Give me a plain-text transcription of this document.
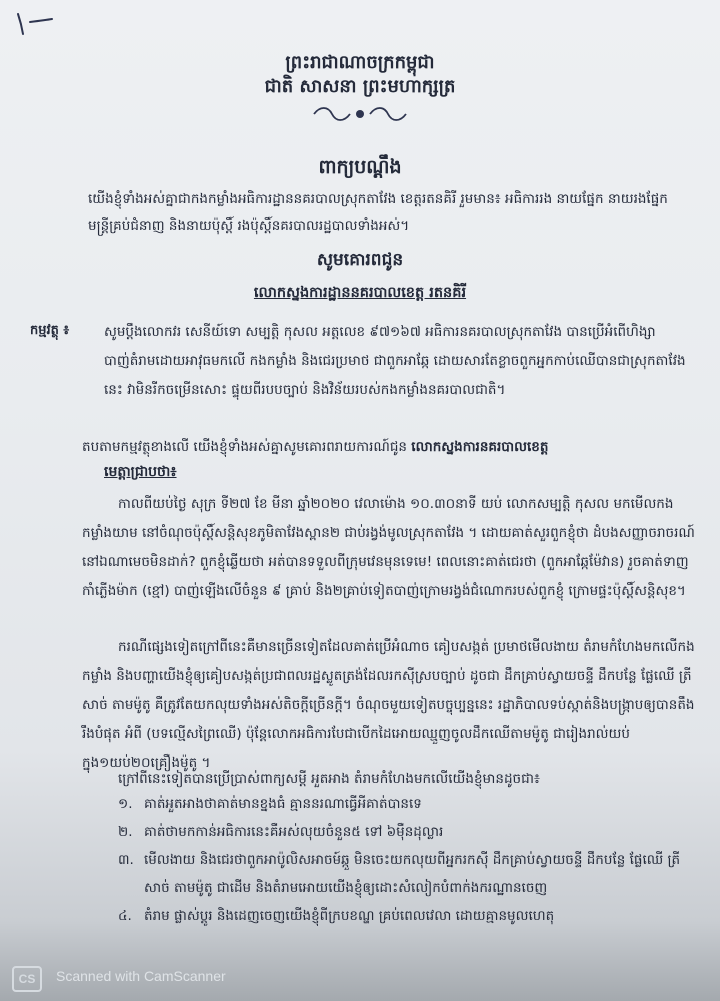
ព្រះរាជាណាចក្រកម្ពុជា
ជាតិ សាសនា ព្រះមហាក្សត្រ
ពាក្យបណ្តឹង

យើងខ្ញុំទាំងអស់គ្នាជាកងកម្លាំងអធិការដ្ឋាននគរបាលស្រុកតាវែង ខេត្តរតនគិរី រួមមាន៖ អធិការរង នាយផ្នែក នាយរងផ្នែក មន្ត្រីគ្រប់ជំនាញ និងនាយប៉ុស្តិ៍ រងប៉ុស្តិ៍នគរបាលរដ្ឋបាលទាំងអស់។

សូមគោរពជូន
លោកស្នងការដ្ឋាននគរបាលខេត្ត រតនគិរី
កម្មវត្ថុ ៖	សូមប្តឹងលោកវរ សេនីយ៍ទោ សម្បត្តិ កុសល អត្តលេខ ៩៧១៦៧ អធិការនគរបាលស្រុកតាវែង បានប្រើអំពើហិង្សាបាញ់តំរាមដោយអាវុធមកលើ កងកម្លាំង និងជេរប្រមាថ ជាពួកអាឆ្កែ ដោយសារតែខ្លាចពួកអ្នកកាប់ឈើបានជាស្រុកតាវែងនេះ វាមិនរីកចម្រើនសោះ ផ្ទុយពីរបបច្បាប់ និងវិន័យរបស់កងកម្លាំងនគរបាលជាតិ។

តបតាមកម្មវត្ថុខាងលើ យើងខ្ញុំទាំងអស់គ្នាសូមគោរពរាយការណ៍ជូន លោកស្នងការនគរបាលខេត្ត

មេត្តាជ្រាបថា៖

កាលពីយប់ថ្ងៃ សុក្រ ទី២៧ ខែ មីនា ឆ្នាំ២០២០ វេលាម៉ោង ១០.៣០នាទី យប់ លោកសម្បត្តិ កុសល មកមើលកងកម្លាំងយាម នៅចំណុចប៉ុស្តិ៍សន្តិសុខភូមិតាវែងស្ពាន២ ជាប់រង្វង់មូលស្រុកតាវែង ។ ដោយគាត់សួរពួកខ្ញុំថា ដំបងសញ្ញាចរាចរណ៍នៅឯណាមេចមិនដាក់? ពួកខ្ញុំឆ្លើយថា អត់បានទទួលពីក្រុមវេនមុនទេមេ! ពេលនោះគាត់ជេរថា (ពួកអាឆ្កែម៉ែវាន) រួចគាត់ទាញកាំភ្លើងម៉ាក (ខ្មៅ) បាញ់ឡើងលើចំនួន ៩ គ្រាប់ និង២គ្រាប់ទៀតបាញ់ក្រោមរង្វង់ជំណោករបស់ពួកខ្ញុំ ក្រោមផ្ទះប៉ុស្តិ៍សន្តិសុខ។

ករណីផ្សេងទៀតក្រៅពីនេះគឺមានច្រើនទៀតដែលគាត់ប្រើអំណាច គៀបសង្កត់ ប្រមាថមើលងាយ តំរាមកំហែងមកលើកងកម្លាំង និងបញ្ហាយើងខ្ញុំឲ្យគៀបសង្កត់ប្រជាពលរដ្ឋស្លូតត្រង់ដែលរកស៊ីស្របច្បាប់ ដូចជា ដឹកគ្រាប់ស្វាយចន្ទី ដឹកបន្លែ ផ្លែឈើ ត្រី សាច់ តាមម៉ូតូ គឺត្រូវតែយកលុយទាំងអស់តិចក្តីច្រើនក្តី។ ចំណុចមួយទៀតបច្ចុប្បន្ននេះ រដ្ឋាភិបាលទប់ស្កាត់និងបង្ក្រាបឲ្យបានតឹងរឹងបំផុត អំពី (បទល្មើសព្រៃឈើ) ប៉ុន្តែលោកអធិការបែជាបើកដៃអោយឈ្មួញចូលដឹកឈើតាមម៉ូតូ ជារៀងរាល់យប់ ក្នុង១យប់២០គ្រឿងម៉ូតូ ។

ក្រៅពីនេះទៀតបានប្រើប្រាស់ពាក្យសម្តី អួតអាង តំរាមកំហែងមកលើយើងខ្ញុំមានដូចជា៖

១. គាត់អួតអាងថាគាត់មានខ្នងធំ គ្មាននរណាធ្វើអីគាត់បានទេ
២. គាត់ថាមកកាន់អធិការនេះគឺអស់លុយចំនួន៥ ទៅ ៦ម៉ឺនដុល្លារ
៣. មើលងាយ និងជេរថាពួកអាប៉ូលិសអាចម៍ឆ្កួ មិនចេះយកលុយពីអ្នករកស៊ី ដឹកគ្រាប់ស្វាយចន្ទី ដឹកបន្លែ ផ្លែឈើ ត្រី សាច់ តាមម៉ូតូ ជាដើម និងតំរាមអោយយើងខ្ញុំឲ្យដោះសំលៀកបំពាក់ងករណ្ឋានចេញ
៤. តំរាម ផ្លាស់ប្តូរ និងដេញចេញយើងខ្ញុំពីក្របខណ្ឌ គ្រប់ពេលវេលា ដោយគ្មានមូលហេតុ
CS	Scanned with CamScanner
